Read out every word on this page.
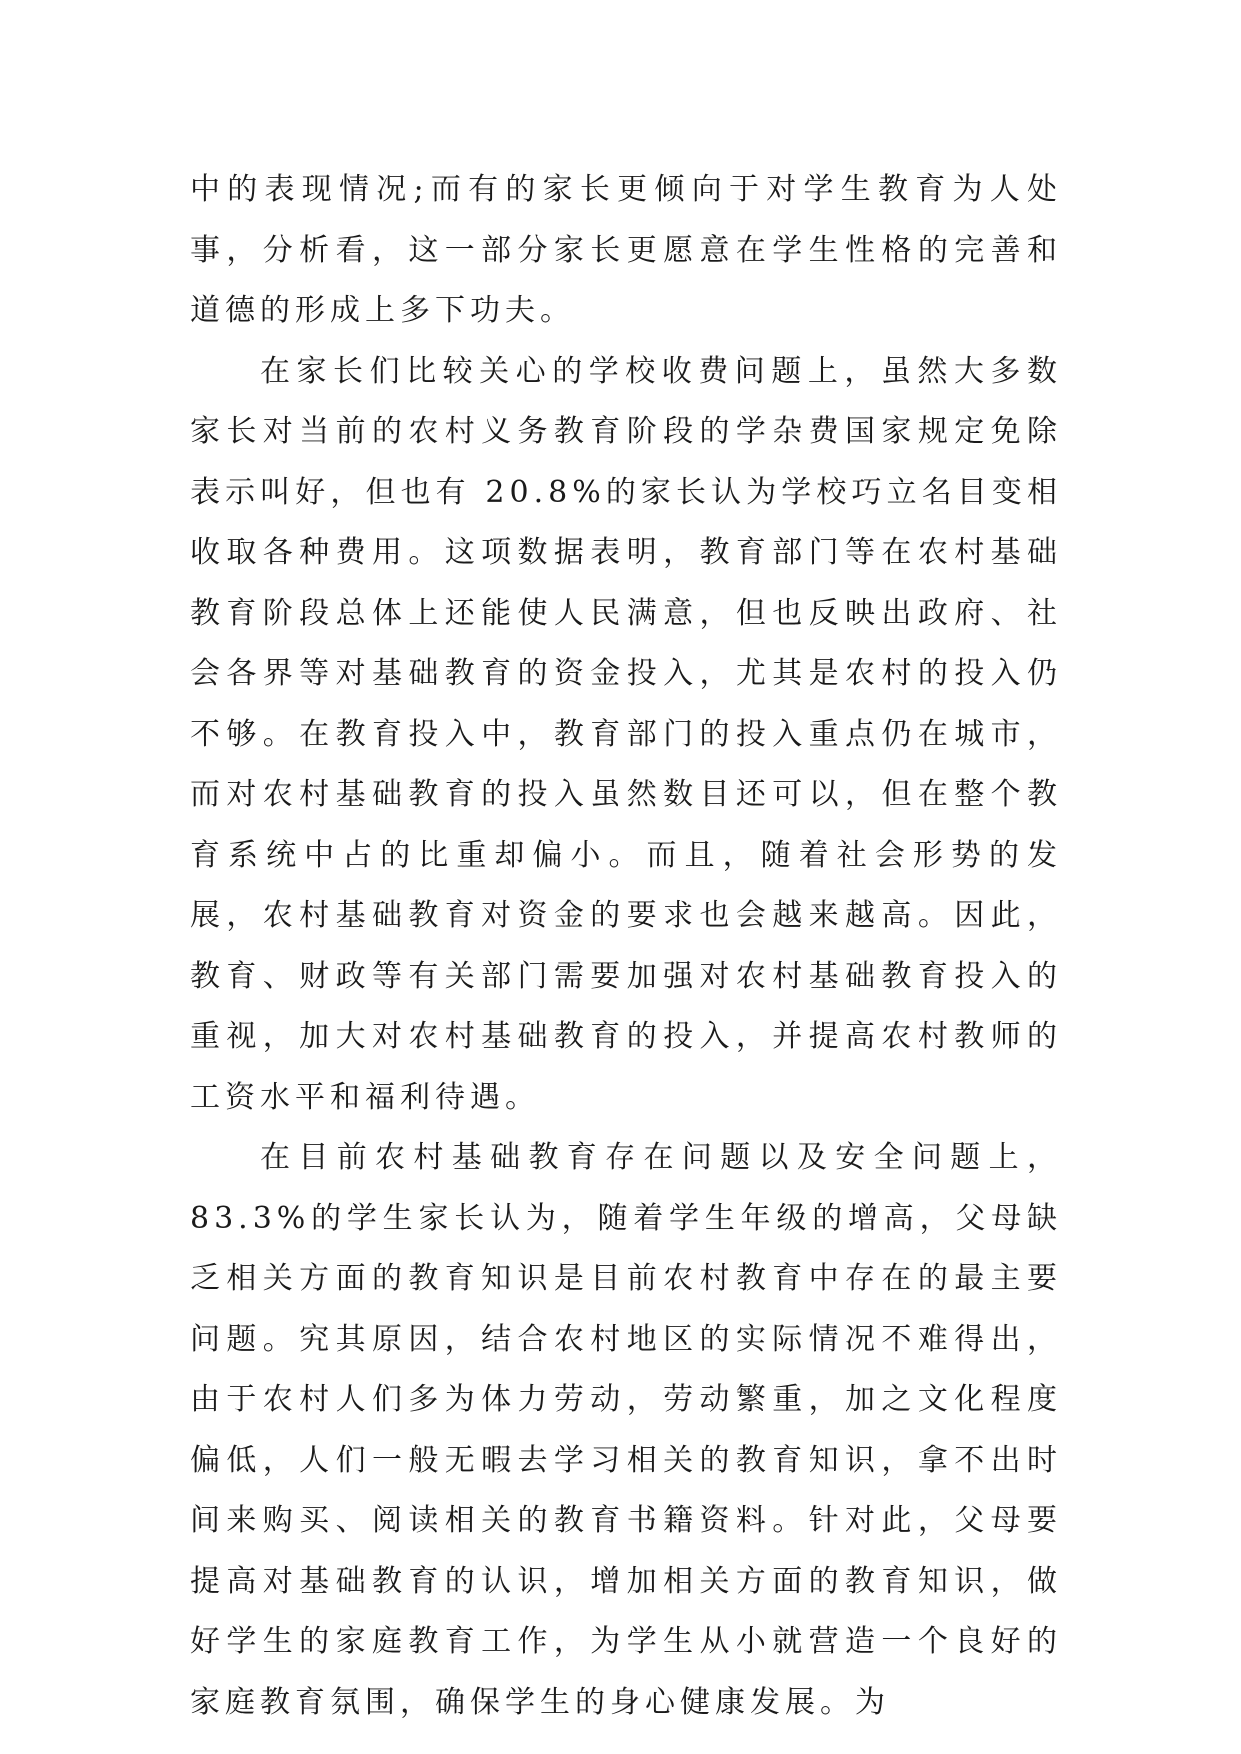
中的表现情况;而有的家长更倾向于对学生教育为人处事，分析看，这一部分家长更愿意在学生性格的完善和道德的形成上多下功夫。

在家长们比较关心的学校收费问题上，虽然大多数家长对当前的农村义务教育阶段的学杂费国家规定免除表示叫好，但也有 20.8%的家长认为学校巧立名目变相收取各种费用。这项数据表明，教育部门等在农村基础教育阶段总体上还能使人民满意，但也反映出政府、社会各界等对基础教育的资金投入，尤其是农村的投入仍不够。在教育投入中，教育部门的投入重点仍在城市，而对农村基础教育的投入虽然数目还可以，但在整个教育系统中占的比重却偏小。而且，随着社会形势的发展，农村基础教育对资金的要求也会越来越高。因此，教育、财政等有关部门需要加强对农村基础教育投入的重视，加大对农村基础教育的投入，并提高农村教师的工资水平和福利待遇。

在目前农村基础教育存在问题以及安全问题上，83.3%的学生家长认为，随着学生年级的增高，父母缺乏相关方面的教育知识是目前农村教育中存在的最主要问题。究其原因，结合农村地区的实际情况不难得出，由于农村人们多为体力劳动，劳动繁重，加之文化程度偏低，人们一般无暇去学习相关的教育知识，拿不出时间来购买、阅读相关的教育书籍资料。针对此，父母要提高对基础教育的认识，增加相关方面的教育知识，做好学生的家庭教育工作，为学生从小就营造一个良好的家庭教育氛围，确保学生的身心健康发展。为
